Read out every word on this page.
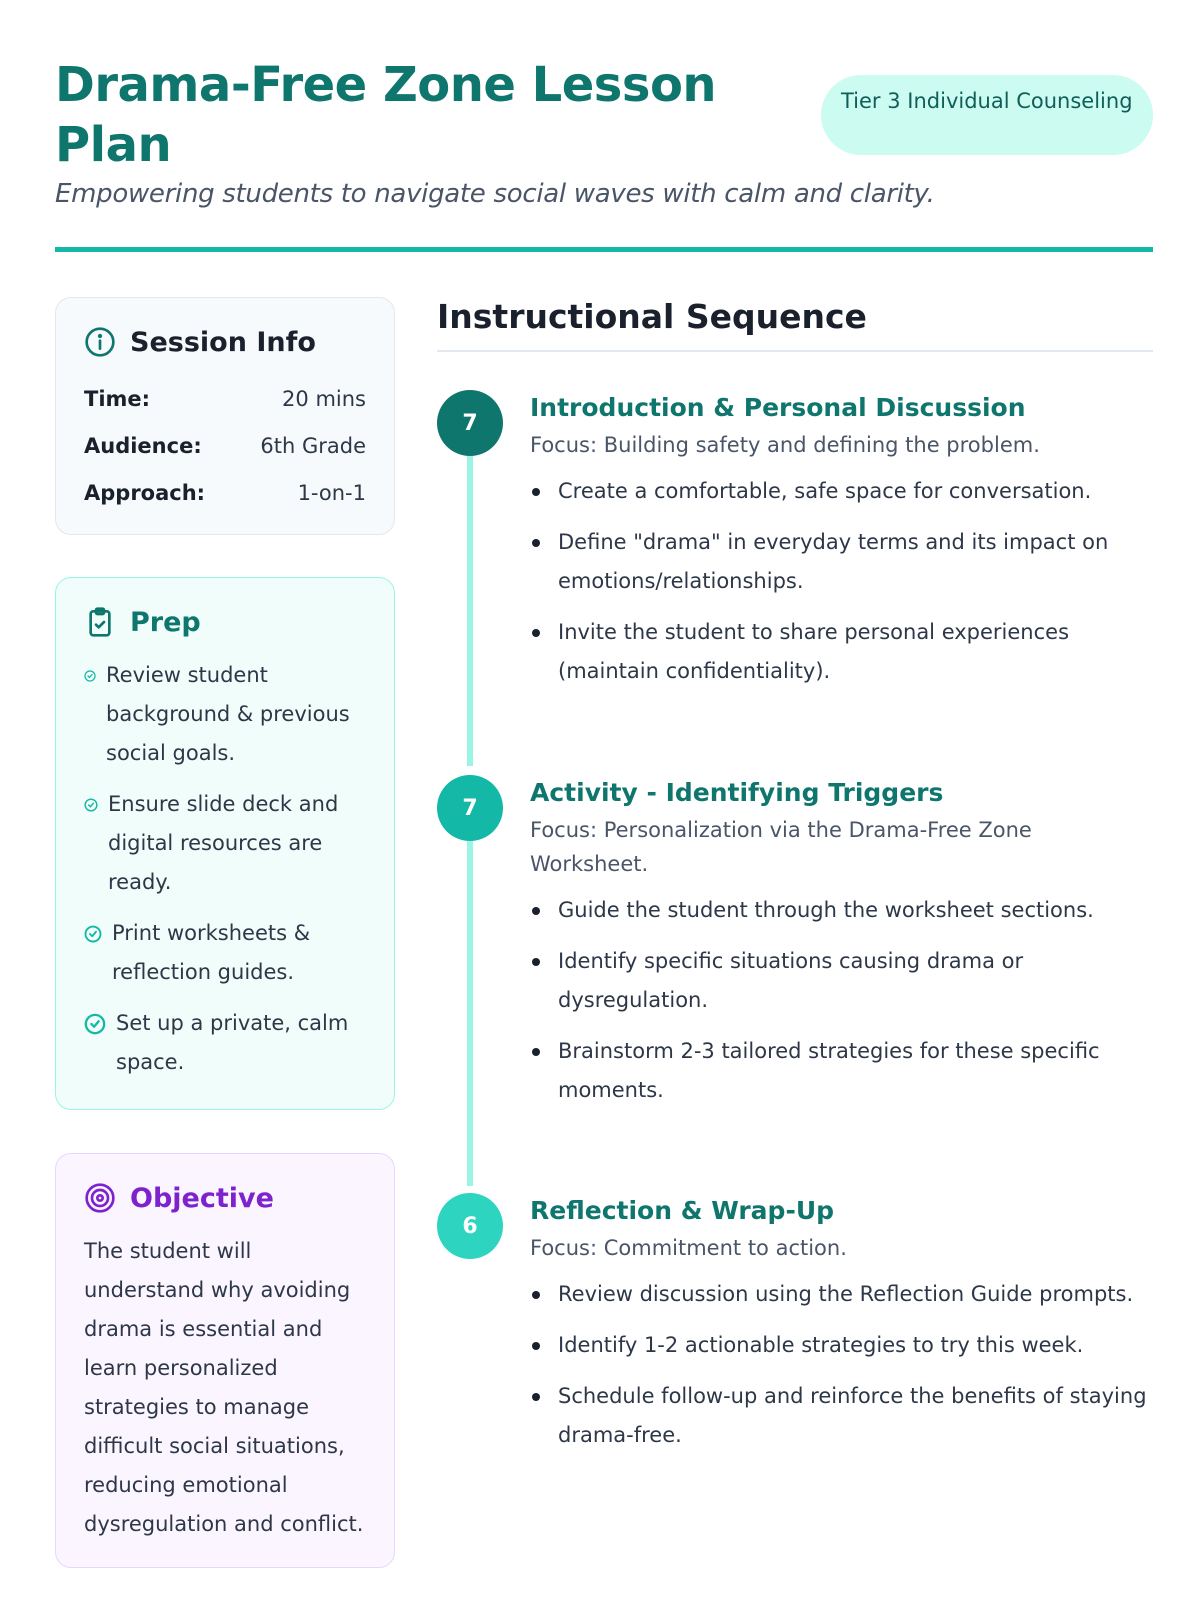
Drama-Free Zone Lesson Plan
Tier 3 Individual Counseling
Empowering students to navigate social waves with calm and clarity.
Session Info
Time:	20 mins
Audience:	6th Grade
Approach:	1-on-1
Prep
Review student background & previous social goals.
Ensure slide deck and digital resources are ready.
Print worksheets & reflection guides.
Set up a private, calm space.
Objective

The student will understand why avoiding drama is essential and learn personalized strategies to manage difficult social situations, reducing emotional dysregulation and conflict.

Instructional Sequence
7
Introduction & Personal Discussion
Focus: Building safety and defining the problem.
Create a comfortable, safe space for conversation.
Define "drama" in everyday terms and its impact on emotions/relationships.
Invite the student to share personal experiences (maintain confidentiality).
7
Activity - Identifying Triggers
Focus: Personalization via the Drama-Free Zone Worksheet.
Guide the student through the worksheet sections.
Identify specific situations causing drama or dysregulation.
Brainstorm 2-3 tailored strategies for these specific moments.
6
Reflection & Wrap-Up
Focus: Commitment to action.
Review discussion using the Reflection Guide prompts.
Identify 1-2 actionable strategies to try this week.
Schedule follow-up and reinforce the benefits of staying drama-free.
